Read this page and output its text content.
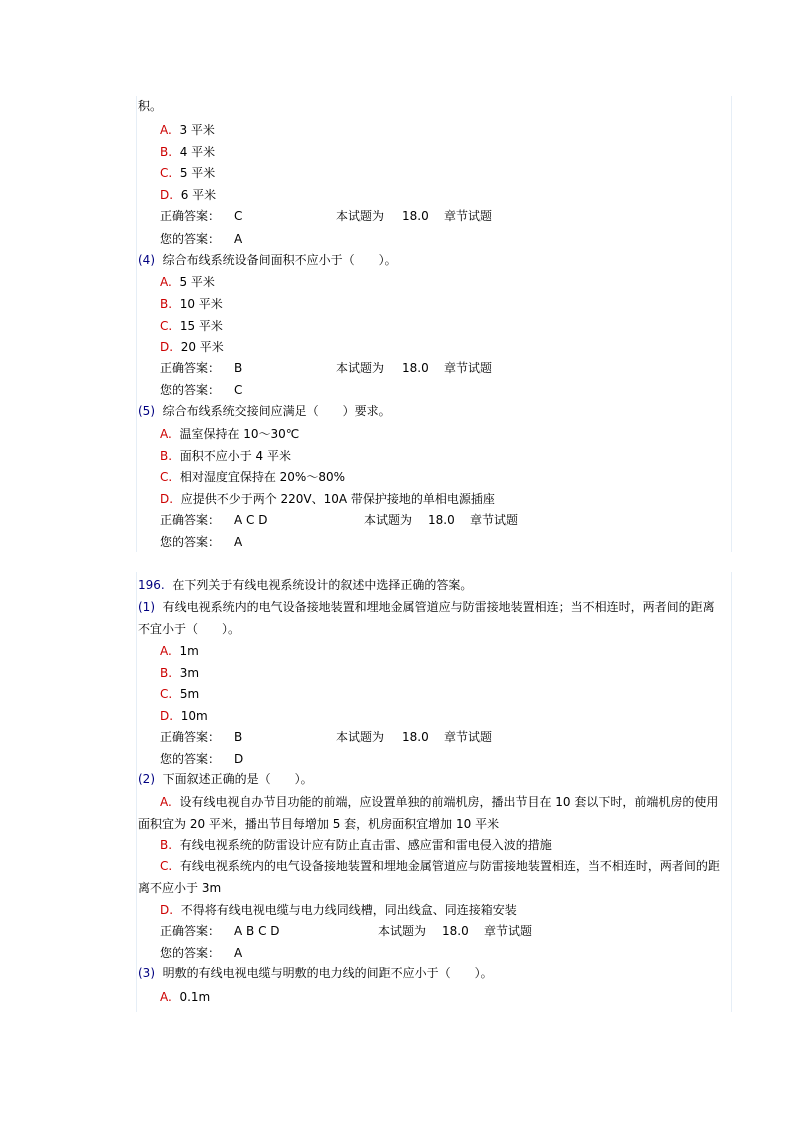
积。
A. 3 平米
B. 4 平米
C. 5 平米
D. 6 平米
正确答案： C	本试题为 18.0 章节试题
您的答案： A
(4) 综合布线系统设备间面积不应小于（　　）。
A. 5 平米
B. 10 平米
C. 15 平米
D. 20 平米
正确答案： B	本试题为 18.0 章节试题
您的答案： C
(5) 综合布线系统交接间应满足（　　）要求。
A. 温室保持在 10～30℃
B. 面积不应小于 4 平米
C. 相对湿度宜保持在 20%～80%
D. 应提供不少于两个 220V、10A 带保护接地的单相电源插座
正确答案： A C D	本试题为 18.0 章节试题
您的答案： A
196. 在下列关于有线电视系统设计的叙述中选择正确的答案。
(1) 有线电视系统内的电气设备接地装置和埋地金属管道应与防雷接地装置相连；当不相连时，两者间的距离不宜小于（　　）。
A. 1m
B. 3m
C. 5m
D. 10m
正确答案： B	本试题为 18.0 章节试题
您的答案： D
(2) 下面叙述正确的是（　　）。
A. 设有线电视自办节目功能的前端，应设置单独的前端机房，播出节目在 10 套以下时，前端机房的使用面积宜为 20 平米，播出节目每增加 5 套，机房面积宜增加 10 平米
B. 有线电视系统的防雷设计应有防止直击雷、感应雷和雷电侵入波的措施
C. 有线电视系统内的电气设备接地装置和埋地金属管道应与防雷接地装置相连，当不相连时，两者间的距离不应小于 3m
D. 不得将有线电视电缆与电力线同线槽，同出线盒、同连接箱安装
正确答案： A B C D	本试题为 18.0 章节试题
您的答案： A
(3) 明敷的有线电视电缆与明敷的电力线的间距不应小于（　　）。
A. 0.1m
